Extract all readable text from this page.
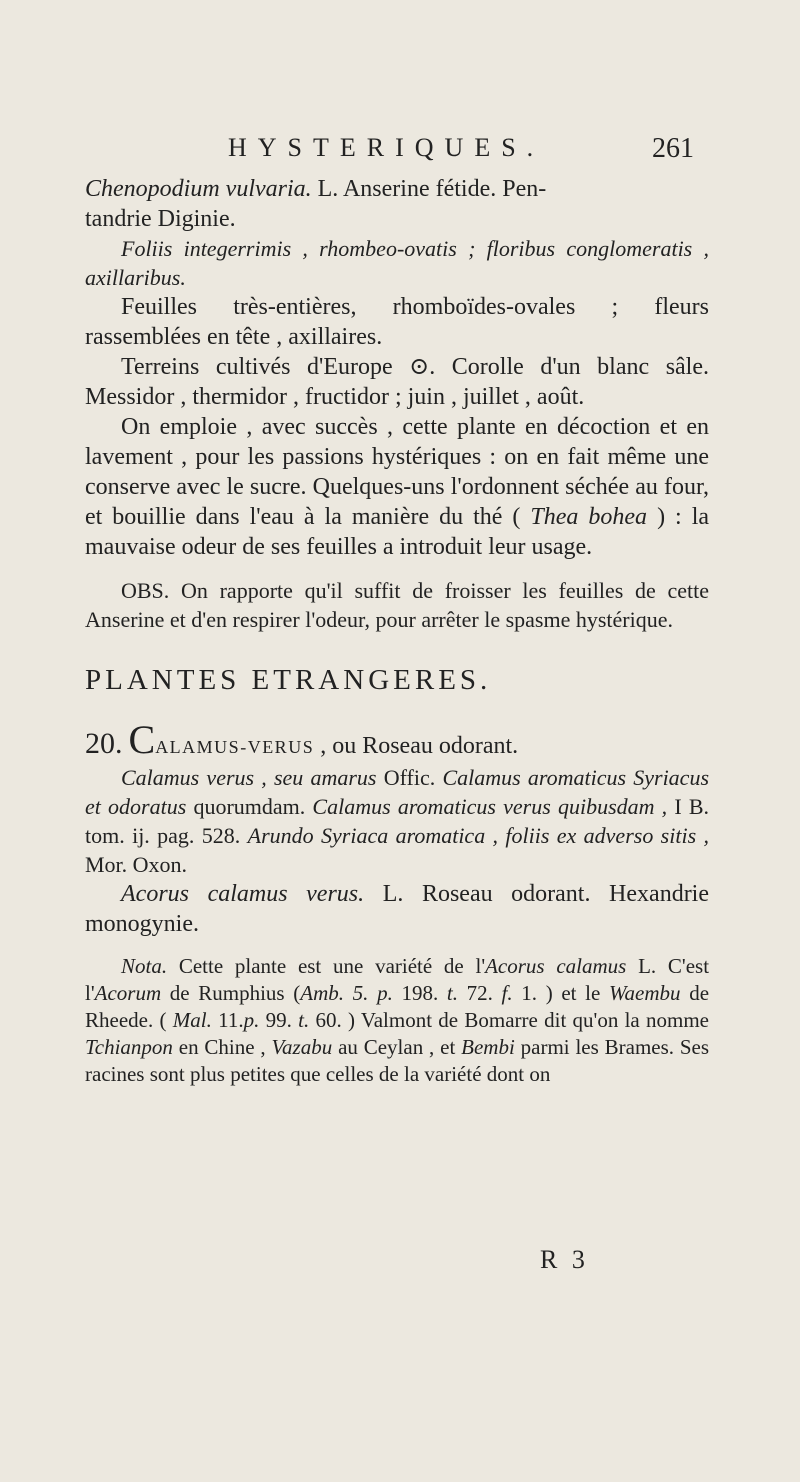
HYSTERIQUES.	261

Chenopodium vulvaria. L. Anserine fétide. Pen-
tandrie Diginie.

Foliis integerrimis , rhombeo-ovatis ; floribus conglomeratis , axillaribus.

Feuilles très-entières, rhomboïdes-ovales ; fleurs rassemblées en tête , axillaires.

Terreins cultivés d'Europe ⊙. Corolle d'un blanc sâle. Messidor , thermidor , fructidor ; juin , juillet , août.

On emploie , avec succès , cette plante en décoction et en lavement , pour les passions hystériques : on en fait même une conserve avec le sucre. Quelques-uns l'ordonnent séchée au four, et bouillie dans l'eau à la manière du thé ( Thea bohea ) : la mauvaise odeur de ses feuilles a introduit leur usage.

OBS. On rapporte qu'il suffit de froisser les feuilles de cette Anserine et d'en respirer l'odeur, pour arrêter le spasme hystérique.

PLANTES ETRANGERES.

20. CALAMUS-VERUS , ou Roseau odorant.

Calamus verus , seu amarus Offic. Calamus aromaticus Syriacus et odoratus quorumdam. Calamus aromaticus verus quibusdam , I B. tom. ij. pag. 528. Arundo Syriaca aromatica , foliis ex adverso sitis , Mor. Oxon.

Acorus calamus verus. L. Roseau odorant. Hexandrie monogynie.

Nota. Cette plante est une variété de l'Acorus calamus L. C'est l'Acorum de Rumphius (Amb. 5. p. 198. t. 72. f. 1. ) et le Waembu de Rheede. ( Mal. 11.p. 99. t. 60. ) Valmont de Bomarre dit qu'on la nomme Tchianpon en Chine , Vazabu au Ceylan , et Bembi parmi les Brames. Ses racines sont plus petites que celles de la variété dont on

R 3
